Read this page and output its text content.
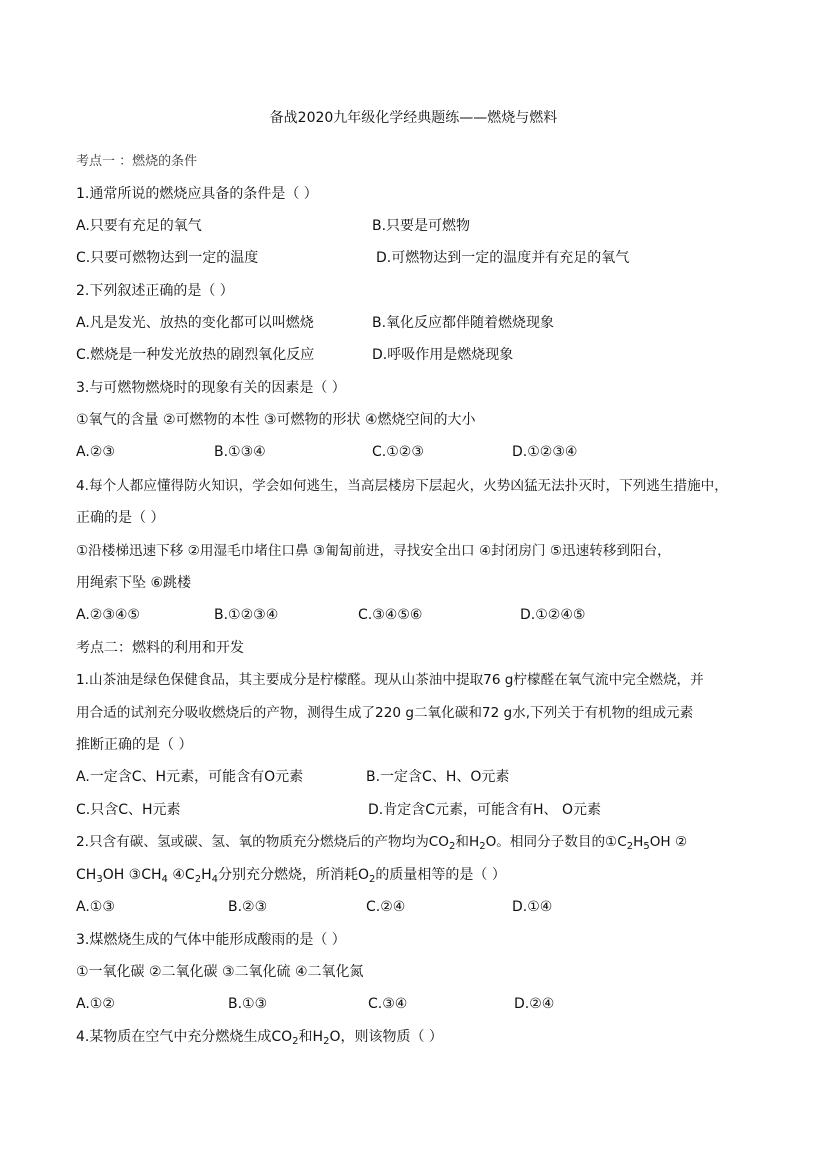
备战2020九年级化学经典题练——燃烧与燃料
考点一 ：燃烧的条件
1.通常所说的燃烧应具备的条件是（ ）
A.只要有充足的氧气	B.只要是可燃物
C.只要可燃物达到一定的温度	D.可燃物达到一定的温度并有充足的氧气
2.下列叙述正确的是（ ）
A.凡是发光、放热的变化都可以叫燃烧	B.氧化反应都伴随着燃烧现象
C.燃烧是一种发光放热的剧烈氧化反应	D.呼吸作用是燃烧现象
3.与可燃物燃烧时的现象有关的因素是（ ）
①氧气的含量 ②可燃物的本性 ③可燃物的形状 ④燃烧空间的大小
A.②③	B.①③④	C.①②③	D.①②③④
4.每个人都应懂得防火知识，学会如何逃生，当高层楼房下层起火，火势凶猛无法扑灭时，下列逃生措施中，
正确的是（ ）
①沿楼梯迅速下移 ②用湿毛巾堵住口鼻 ③匍匐前进，寻找安全出口 ④封闭房门 ⑤迅速转移到阳台，
用绳索下坠 ⑥跳楼
A.②③④⑤	B.①②③④	C.③④⑤⑥	D.①②④⑤
考点二：燃料的利用和开发
1.山茶油是绿色保健食品，其主要成分是柠檬醛。现从山茶油中提取76 g柠檬醛在氧气流中完全燃烧，并
用合适的试剂充分吸收燃烧后的产物，测得生成了220 g二氧化碳和72 g水,下列关于有机物的组成元素
推断正确的是（ ）
A.一定含C、H元素，可能含有O元素	B.一定含C、H、O元素
C.只含C、H元素	D.肯定含C元素，可能含有H、 O元素
2.只含有碳、氢或碳、氢、氧的物质充分燃烧后的产物均为$CO_2$和$H_2O$。相同分子数目的$①C_2H_5OH$ ②
$CH_3OH$ $③CH_4$ $④C_2H_4$分别充分燃烧，所消耗$O_2$的质量相等的是（ ）
A.①③	B.②③	C.②④	D.①④
3.煤燃烧生成的气体中能形成酸雨的是（ ）
①一氧化碳 ②二氧化碳 ③二氧化硫 ④二氧化氮
A.①②	B.①③	C.③④	D.②④
4.某物质在空气中充分燃烧生成$CO_2$和$H_2O$，则该物质（ ）
